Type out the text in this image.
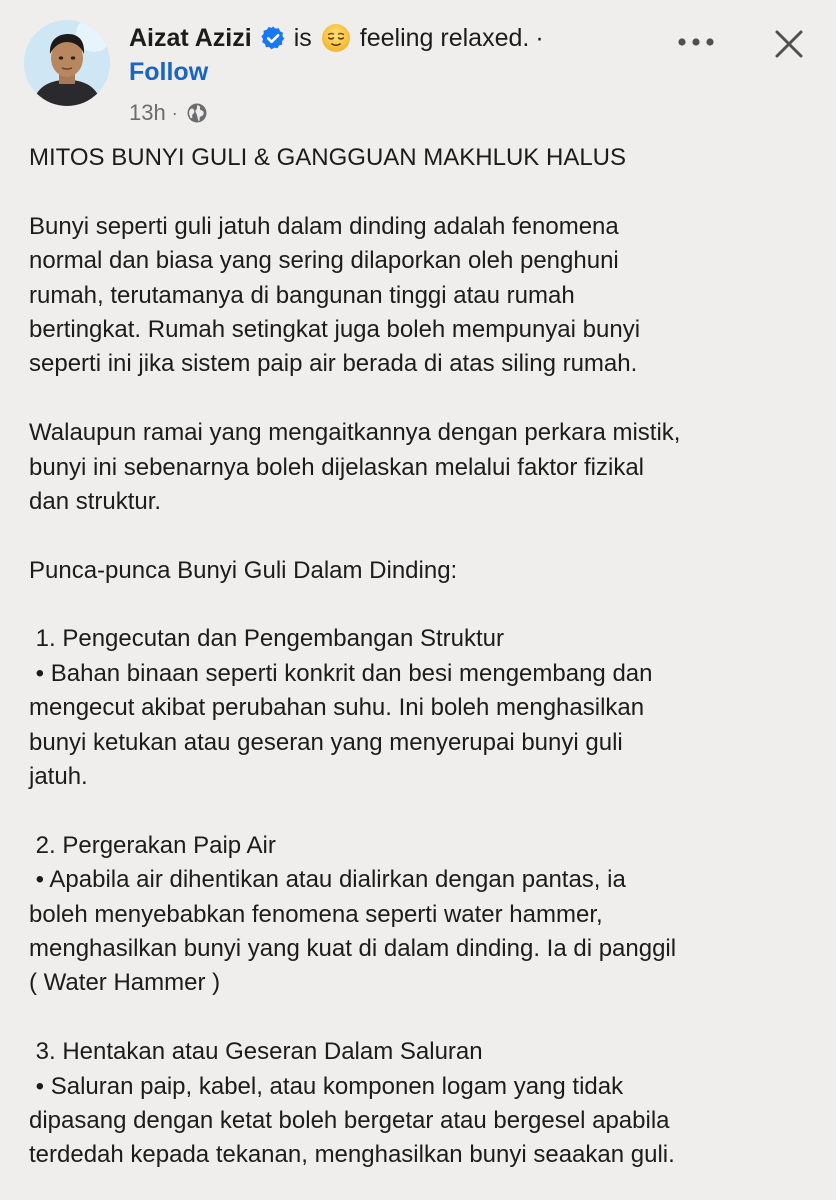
Aizat Azizi is feeling relaxed. ·
Follow
13h ·
MITOS BUNYI GULI & GANGGUAN MAKHLUK HALUS
Bunyi seperti guli jatuh dalam dinding adalah fenomena
normal dan biasa yang sering dilaporkan oleh penghuni
rumah, terutamanya di bangunan tinggi atau rumah
bertingkat. Rumah setingkat juga boleh mempunyai bunyi
seperti ini jika sistem paip air berada di atas siling rumah.
Walaupun ramai yang mengaitkannya dengan perkara mistik,
bunyi ini sebenarnya boleh dijelaskan melalui faktor fizikal
dan struktur.
Punca-punca Bunyi Guli Dalam Dinding:
1. Pengecutan dan Pengembangan Struktur
• Bahan binaan seperti konkrit dan besi mengembang dan
mengecut akibat perubahan suhu. Ini boleh menghasilkan
bunyi ketukan atau geseran yang menyerupai bunyi guli
jatuh.
2. Pergerakan Paip Air
• Apabila air dihentikan atau dialirkan dengan pantas, ia
boleh menyebabkan fenomena seperti water hammer,
menghasilkan bunyi yang kuat di dalam dinding. Ia di panggil
( Water Hammer )
3. Hentakan atau Geseran Dalam Saluran
• Saluran paip, kabel, atau komponen logam yang tidak
dipasang dengan ketat boleh bergetar atau bergesel apabila
terdedah kepada tekanan, menghasilkan bunyi seaakan guli.
